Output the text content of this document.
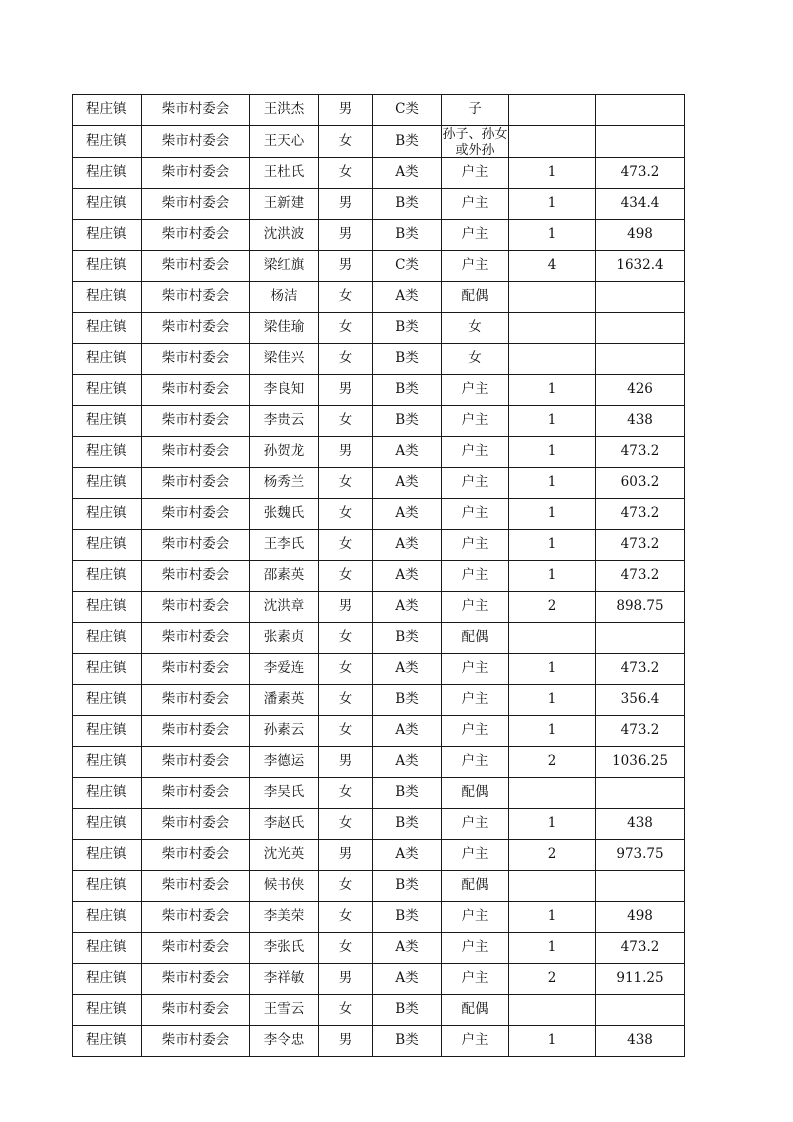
程庄镇	柴市村委会	王洪杰	男	C类	子		
程庄镇	柴市村委会	王天心	女	B类	孙子、孙女或外孙		

程庄镇	柴市村委会	王杜氏	女	A类	户主	1	473.2
程庄镇	柴市村委会	王新建	男	B类	户主	1	434.4
程庄镇	柴市村委会	沈洪波	男	B类	户主	1	498
程庄镇	柴市村委会	梁红旗	男	C类	户主	4	1632.4
程庄镇	柴市村委会	杨洁	女	A类	配偶		
程庄镇	柴市村委会	梁佳瑜	女	B类	女		
程庄镇	柴市村委会	梁佳兴	女	B类	女		
程庄镇	柴市村委会	李良知	男	B类	户主	1	426
程庄镇	柴市村委会	李贵云	女	B类	户主	1	438
程庄镇	柴市村委会	孙贺龙	男	A类	户主	1	473.2
程庄镇	柴市村委会	杨秀兰	女	A类	户主	1	603.2
程庄镇	柴市村委会	张魏氏	女	A类	户主	1	473.2
程庄镇	柴市村委会	王李氏	女	A类	户主	1	473.2
程庄镇	柴市村委会	邵素英	女	A类	户主	1	473.2
程庄镇	柴市村委会	沈洪章	男	A类	户主	2	898.75
程庄镇	柴市村委会	张素贞	女	B类	配偶		
程庄镇	柴市村委会	李爱连	女	A类	户主	1	473.2
程庄镇	柴市村委会	潘素英	女	B类	户主	1	356.4
程庄镇	柴市村委会	孙素云	女	A类	户主	1	473.2
程庄镇	柴市村委会	李德运	男	A类	户主	2	1036.25
程庄镇	柴市村委会	李吴氏	女	B类	配偶		
程庄镇	柴市村委会	李赵氏	女	B类	户主	1	438
程庄镇	柴市村委会	沈光英	男	A类	户主	2	973.75
程庄镇	柴市村委会	候书侠	女	B类	配偶		
程庄镇	柴市村委会	李美荣	女	B类	户主	1	498
程庄镇	柴市村委会	李张氏	女	A类	户主	1	473.2
程庄镇	柴市村委会	李祥敏	男	A类	户主	2	911.25
程庄镇	柴市村委会	王雪云	女	B类	配偶		
程庄镇	柴市村委会	李令忠	男	B类	户主	1	438
